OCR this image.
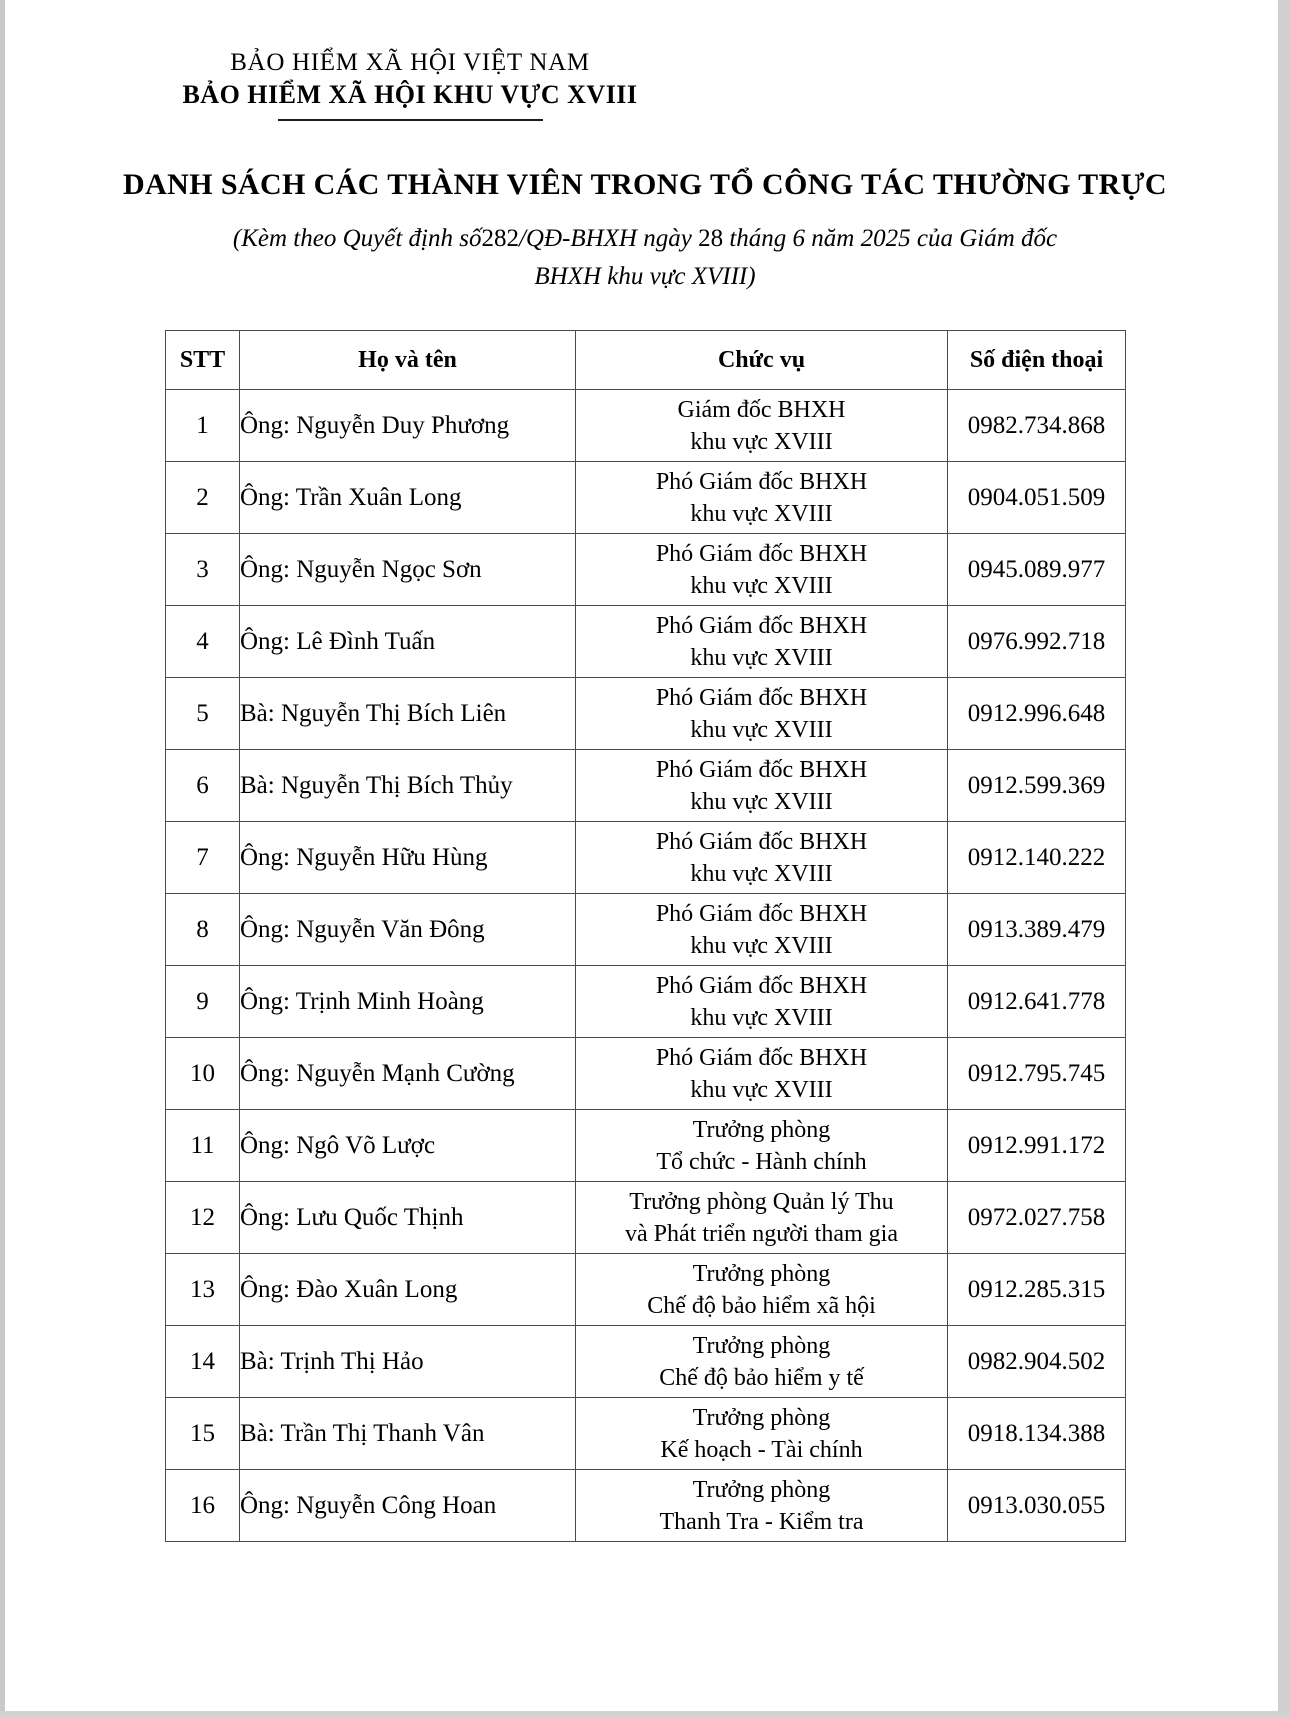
BẢO HIỂM XÃ HỘI VIỆT NAM
BẢO HIỂM XÃ HỘI KHU VỰC XVIII
DANH SÁCH CÁC THÀNH VIÊN TRONG TỔ CÔNG TÁC THƯỜNG TRỰC
(Kèm theo Quyết định số282/QĐ-BHXH ngày 28 tháng 6 năm 2025 của Giám đốc
BHXH khu vực XVIII)
STT	Họ và tên	Chức vụ	Số điện thoại
1	Ông: Nguyễn Duy Phương	Giám đốc BHXH
khu vực XVIII	0982.734.868
2	Ông: Trần Xuân Long	Phó Giám đốc BHXH
khu vực XVIII	0904.051.509
3	Ông: Nguyễn Ngọc Sơn	Phó Giám đốc BHXH
khu vực XVIII	0945.089.977
4	Ông: Lê Đình Tuấn	Phó Giám đốc BHXH
khu vực XVIII	0976.992.718
5	Bà: Nguyễn Thị Bích Liên	Phó Giám đốc BHXH
khu vực XVIII	0912.996.648
6	Bà: Nguyễn Thị Bích Thủy	Phó Giám đốc BHXH
khu vực XVIII	0912.599.369
7	Ông: Nguyễn Hữu Hùng	Phó Giám đốc BHXH
khu vực XVIII	0912.140.222
8	Ông: Nguyễn Văn Đông	Phó Giám đốc BHXH
khu vực XVIII	0913.389.479
9	Ông: Trịnh Minh Hoàng	Phó Giám đốc BHXH
khu vực XVIII	0912.641.778
10	Ông: Nguyễn Mạnh Cường	Phó Giám đốc BHXH
khu vực XVIII	0912.795.745
11	Ông: Ngô Võ Lược	Trưởng phòng
Tổ chức - Hành chính	0912.991.172
12	Ông: Lưu Quốc Thịnh	Trưởng phòng Quản lý Thu
và Phát triển người tham gia	0972.027.758
13	Ông: Đào Xuân Long	Trưởng phòng
Chế độ bảo hiểm xã hội	0912.285.315
14	Bà: Trịnh Thị Hảo	Trưởng phòng
Chế độ bảo hiểm y tế	0982.904.502
15	Bà: Trần Thị Thanh Vân	Trưởng phòng
Kế hoạch - Tài chính	0918.134.388
16	Ông: Nguyễn Công Hoan	Trưởng phòng
Thanh Tra - Kiểm tra	0913.030.055
